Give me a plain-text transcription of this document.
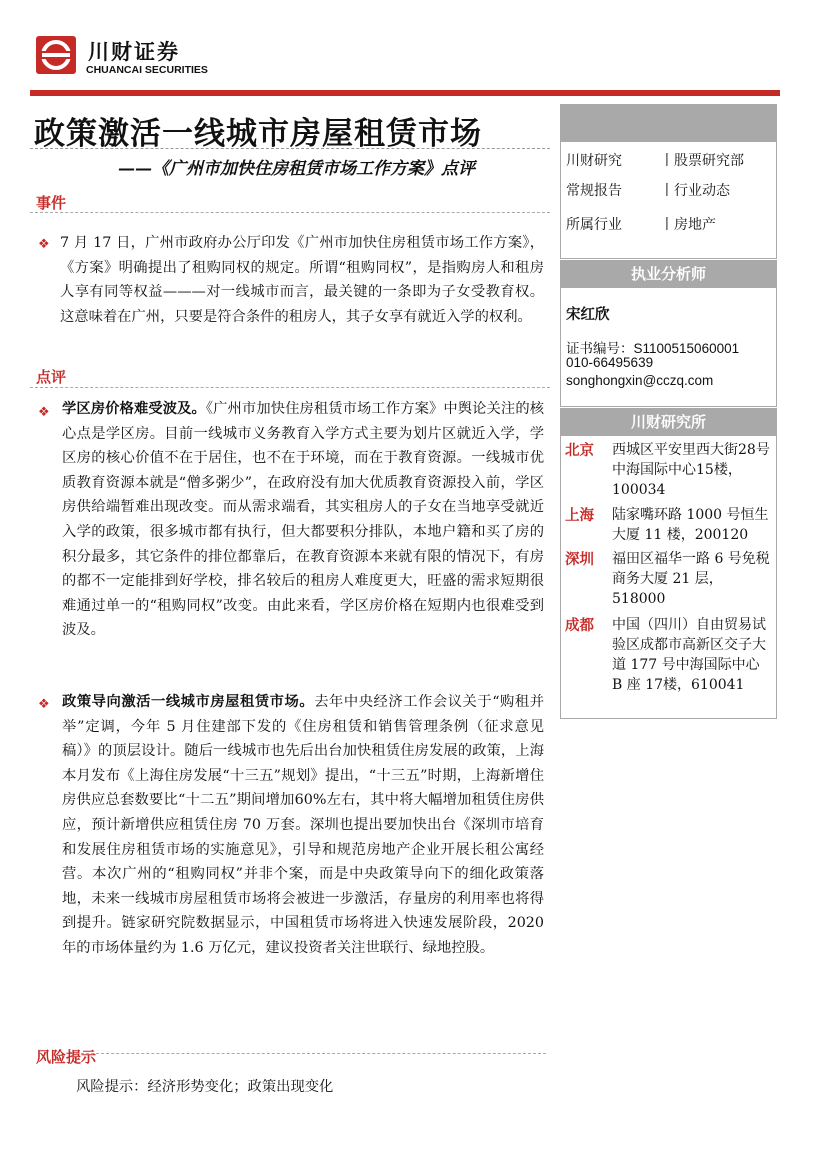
川财证券
CHUANCAI SECURITIES
政策激活一线城市房屋租赁市场
——《广州市加快住房租赁市场工作方案》点评
事件
❖ 7 月 17 日，广州市政府办公厅印发《广州市加快住房租赁市场工作方案》，《方案》明确提出了租购同权的规定。所谓“租购同权”，是指购房人和租房人享有同等权益———对一线城市而言，最关键的一条即为子女受教育权。这意味着在广州，只要是符合条件的租房人，其子女享有就近入学的权利。
点评
❖ 学区房价格难受波及。《广州市加快住房租赁市场工作方案》中舆论关注的核心点是学区房。目前一线城市义务教育入学方式主要为划片区就近入学，学区房的核心价值不在于居住，也不在于环境，而在于教育资源。一线城市优质教育资源本就是“僧多粥少”，在政府没有加大优质教育资源投入前，学区房供给端暂难出现改变。而从需求端看，其实租房人的子女在当地享受就近入学的政策，很多城市都有执行，但大都要积分排队，本地户籍和买了房的积分最多，其它条件的排位都靠后，在教育资源本来就有限的情况下，有房的都不一定能排到好学校，排名较后的租房人难度更大，旺盛的需求短期很难通过单一的“租购同权”改变。由此来看，学区房价格在短期内也很难受到波及。
❖ 政策导向激活一线城市房屋租赁市场。去年中央经济工作会议关于“购租并举”定调，今年 5 月住建部下发的《住房租赁和销售管理条例（征求意见稿）》的顶层设计。随后一线城市也先后出台加快租赁住房发展的政策，上海本月发布《上海住房发展“十三五”规划》提出，“十三五”时期，上海新增住房供应总套数要比“十二五”期间增加60%左右，其中将大幅增加租赁住房供应，预计新增供应租赁住房 70 万套。深圳也提出要加快出台《深圳市培育和发展住房租赁市场的实施意见》，引导和规范房地产企业开展长租公寓经营。本次广州的“租购同权”并非个案，而是中央政策导向下的细化政策落地，未来一线城市房屋租赁市场将会被进一步激活，存量房的利用率也将得到提升。链家研究院数据显示，中国租赁市场将进入快速发展阶段，2020 年的市场体量约为 1.6 万亿元，建议投资者关注世联行、绿地控股。
风险提示
风险提示：经济形势变化；政策出现变化
川财研究	丨股票研究部
常规报告	丨行业动态
所属行业	丨房地产
执业分析师
宋红欣
证书编号：S1100515060001
010-66495639
songhongxin@cczq.com
川财研究所
北京 西城区平安里西大街28号中海国际中心15楼，100034
上海 陆家嘴环路 1000 号恒生大厦 11 楼，200120
深圳 福田区福华一路 6 号免税商务大厦 21 层，518000
成都 中国（四川）自由贸易试验区成都市高新区交子大道 177 号中海国际中心 B 座 17楼，610041
